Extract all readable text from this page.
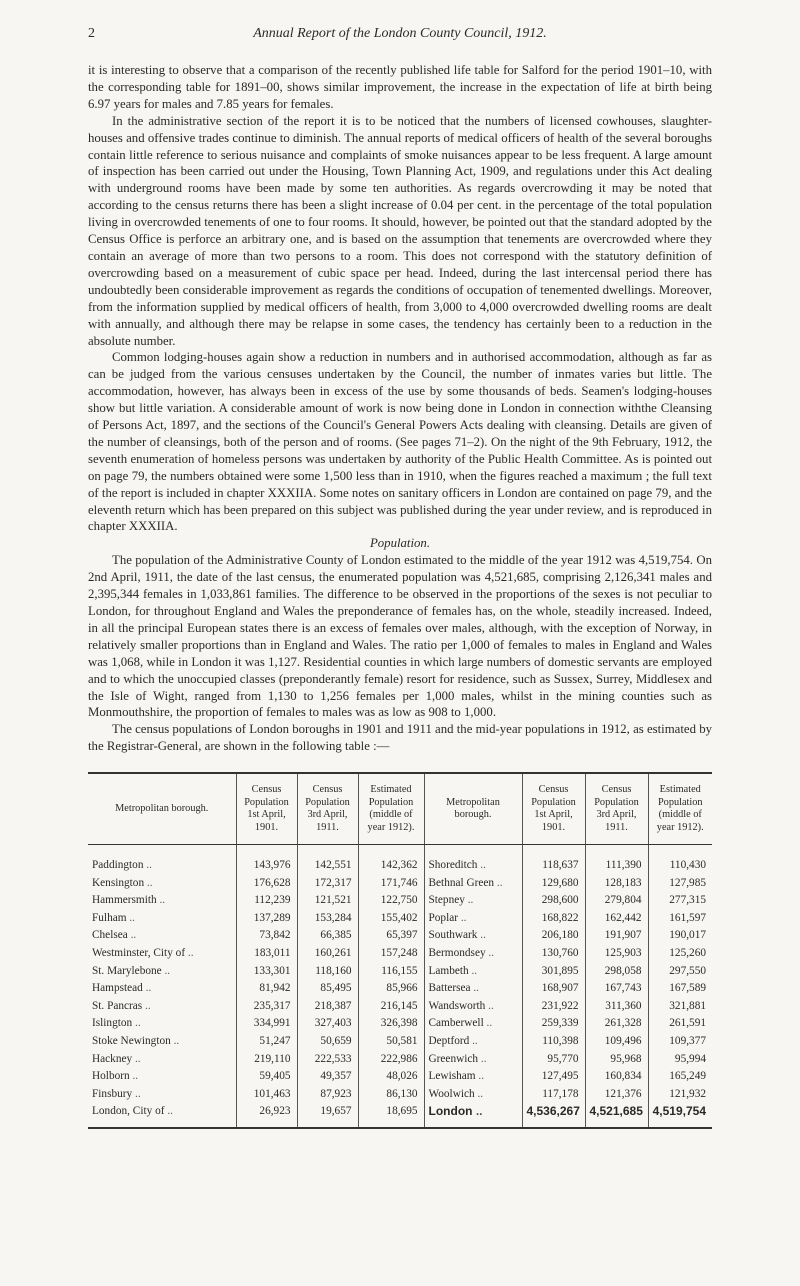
2	Annual Report of the London County Council, 1912.

it is interesting to observe that a comparison of the recently published life table for Salford for the period 1901–10, with the corresponding table for 1891–00, shows similar improvement, the increase in the expectation of life at birth being 6.97 years for males and 7.85 years for females.

In the administrative section of the report it is to be noticed that the numbers of licensed cowhouses, slaughter-houses and offensive trades continue to diminish. The annual reports of medical officers of health of the several boroughs contain little reference to serious nuisance and complaints of smoke nuisances appear to be less frequent. A large amount of inspection has been carried out under the Housing, Town Planning Act, 1909, and regulations under this Act dealing with underground rooms have been made by some ten authorities. As regards overcrowding it may be noted that according to the census returns there has been a slight increase of 0.04 per cent. in the percentage of the total population living in overcrowded tenements of one to four rooms. It should, however, be pointed out that the standard adopted by the Census Office is perforce an arbitrary one, and is based on the assumption that tenements are overcrowded where they contain an average of more than two persons to a room. This does not correspond with the statutory definition of overcrowding based on a measurement of cubic space per head. Indeed, during the last intercensal period there has undoubtedly been considerable improvement as regards the conditions of occupation of tenemented dwellings. Moreover, from the information supplied by medical officers of health, from 3,000 to 4,000 overcrowded dwelling rooms are dealt with annually, and although there may be relapse in some cases, the tendency has certainly been to a reduction in the absolute number.

Common lodging-houses again show a reduction in numbers and in authorised accommodation, although as far as can be judged from the various censuses undertaken by the Council, the number of inmates varies but little. The accommodation, however, has always been in excess of the use by some thousands of beds. Seamen's lodging-houses show but little variation. A considerable amount of work is now being done in London in connection withthe Cleansing of Persons Act, 1897, and the sections of the Council's General Powers Acts dealing with cleansing. Details are given of the number of cleansings, both of the person and of rooms. (See pages 71–2). On the night of the 9th February, 1912, the seventh enumeration of homeless persons was undertaken by authority of the Public Health Committee. As is pointed out on page 79, the numbers obtained were some 1,500 less than in 1910, when the figures reached a maximum ; the full text of the report is included in chapter XXXIIA. Some notes on sanitary officers in London are contained on page 79, and the eleventh return which has been prepared on this subject was published during the year under review, and is reproduced in chapter XXXIIA.

Population.

The population of the Administrative County of London estimated to the middle of the year 1912 was 4,519,754. On 2nd April, 1911, the date of the last census, the enumerated population was 4,521,685, comprising 2,126,341 males and 2,395,344 females in 1,033,861 families. The difference to be observed in the proportions of the sexes is not peculiar to London, for throughout England and Wales the preponderance of females has, on the whole, steadily increased. Indeed, in all the principal European states there is an excess of females over males, although, with the exception of Norway, in relatively smaller proportions than in England and Wales. The ratio per 1,000 of females to males in England and Wales was 1,068, while in London it was 1,127. Residential counties in which large numbers of domestic servants are employed and to which the unoccupied classes (preponderantly female) resort for residence, such as Sussex, Surrey, Middlesex and the Isle of Wight, ranged from 1,130 to 1,256 females per 1,000 males, whilst in the mining counties such as Monmouthshire, the proportion of females to males was as low as 908 to 1,000.

The census populations of London boroughs in 1901 and 1911 and the mid-year populations in 1912, as estimated by the Registrar-General, are shown in the following table :—

Metropolitan borough.	Census Population 1st April, 1901.	Census Population 3rd April, 1911.	Estimated Population (middle of year 1912).	Metropolitan borough.	Census Population 1st April, 1901.	Census Population 3rd April, 1911.	Estimated Population (middle of year 1912).
Paddington ..	143,976	142,551	142,362	Shoreditch ..	118,637	111,390	110,430
Kensington ..	176,628	172,317	171,746	Bethnal Green ..	129,680	128,183	127,985
Hammersmith ..	112,239	121,521	122,750	Stepney ..	298,600	279,804	277,315
Fulham ..	137,289	153,284	155,402	Poplar ..	168,822	162,442	161,597
Chelsea ..	73,842	66,385	65,397	Southwark ..	206,180	191,907	190,017
Westminster, City of ..	183,011	160,261	157,248	Bermondsey ..	130,760	125,903	125,260
St. Marylebone ..	133,301	118,160	116,155	Lambeth ..	301,895	298,058	297,550
Hampstead ..	81,942	85,495	85,966	Battersea ..	168,907	167,743	167,589
St. Pancras ..	235,317	218,387	216,145	Wandsworth ..	231,922	311,360	321,881
Islington ..	334,991	327,403	326,398	Camberwell ..	259,339	261,328	261,591
Stoke Newington ..	51,247	50,659	50,581	Deptford ..	110,398	109,496	109,377
Hackney ..	219,110	222,533	222,986	Greenwich ..	95,770	95,968	95,994
Holborn ..	59,405	49,357	48,026	Lewisham ..	127,495	160,834	165,249
Finsbury ..	101,463	87,923	86,130	Woolwich ..	117,178	121,376	121,932
London, City of ..	26,923	19,657	18,695	London ..	4,536,267	4,521,685	4,519,754
